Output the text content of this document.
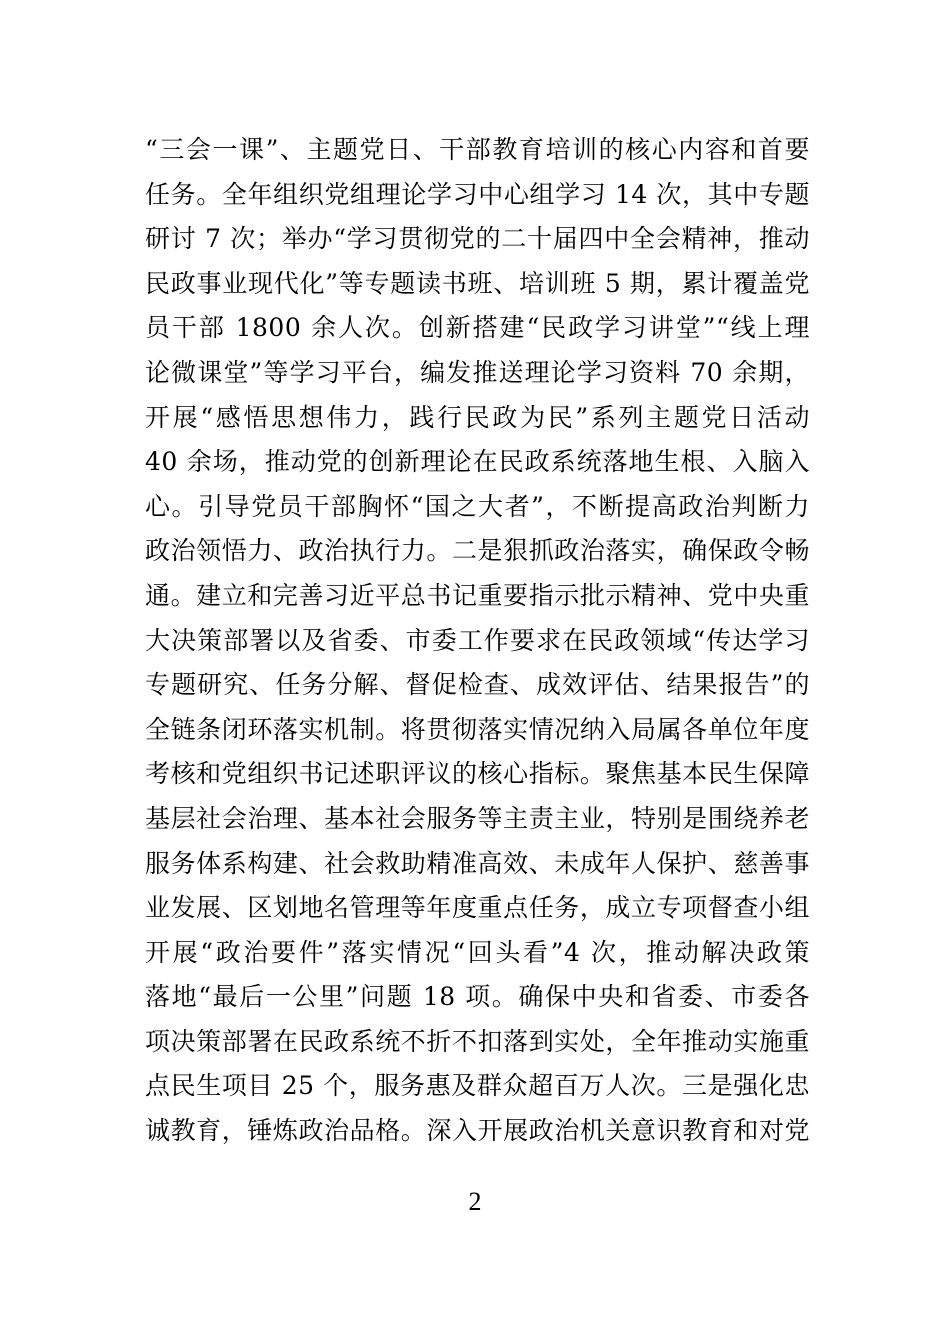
“三会一课”、主题党日、干部教育培训的核心内容和首要
任务。全年组织党组理论学习中心组学习 14 次，其中专题
研讨 7 次；举办“学习贯彻党的二十届四中全会精神，推动
民政事业现代化”等专题读书班、培训班 5 期，累计覆盖党
员干部 1800 余人次。创新搭建“民政学习讲堂”“线上理
论微课堂”等学习平台，编发推送理论学习资料 70 余期，
开展“感悟思想伟力，践行民政为民”系列主题党日活动
40 余场，推动党的创新理论在民政系统落地生根、入脑入
心。引导党员干部胸怀“国之大者”，不断提高政治判断力
政治领悟力、政治执行力。二是狠抓政治落实，确保政令畅
通。建立和完善习近平总书记重要指示批示精神、党中央重
大决策部署以及省委、市委工作要求在民政领域“传达学习
专题研究、任务分解、督促检查、成效评估、结果报告”的
全链条闭环落实机制。将贯彻落实情况纳入局属各单位年度
考核和党组织书记述职评议的核心指标。聚焦基本民生保障
基层社会治理、基本社会服务等主责主业，特别是围绕养老
服务体系构建、社会救助精准高效、未成年人保护、慈善事
业发展、区划地名管理等年度重点任务，成立专项督查小组
开展“政治要件”落实情况“回头看”4 次，推动解决政策
落地“最后一公里”问题 18 项。确保中央和省委、市委各
项决策部署在民政系统不折不扣落到实处，全年推动实施重
点民生项目 25 个，服务惠及群众超百万人次。三是强化忠
诚教育，锤炼政治品格。深入开展政治机关意识教育和对党
2
